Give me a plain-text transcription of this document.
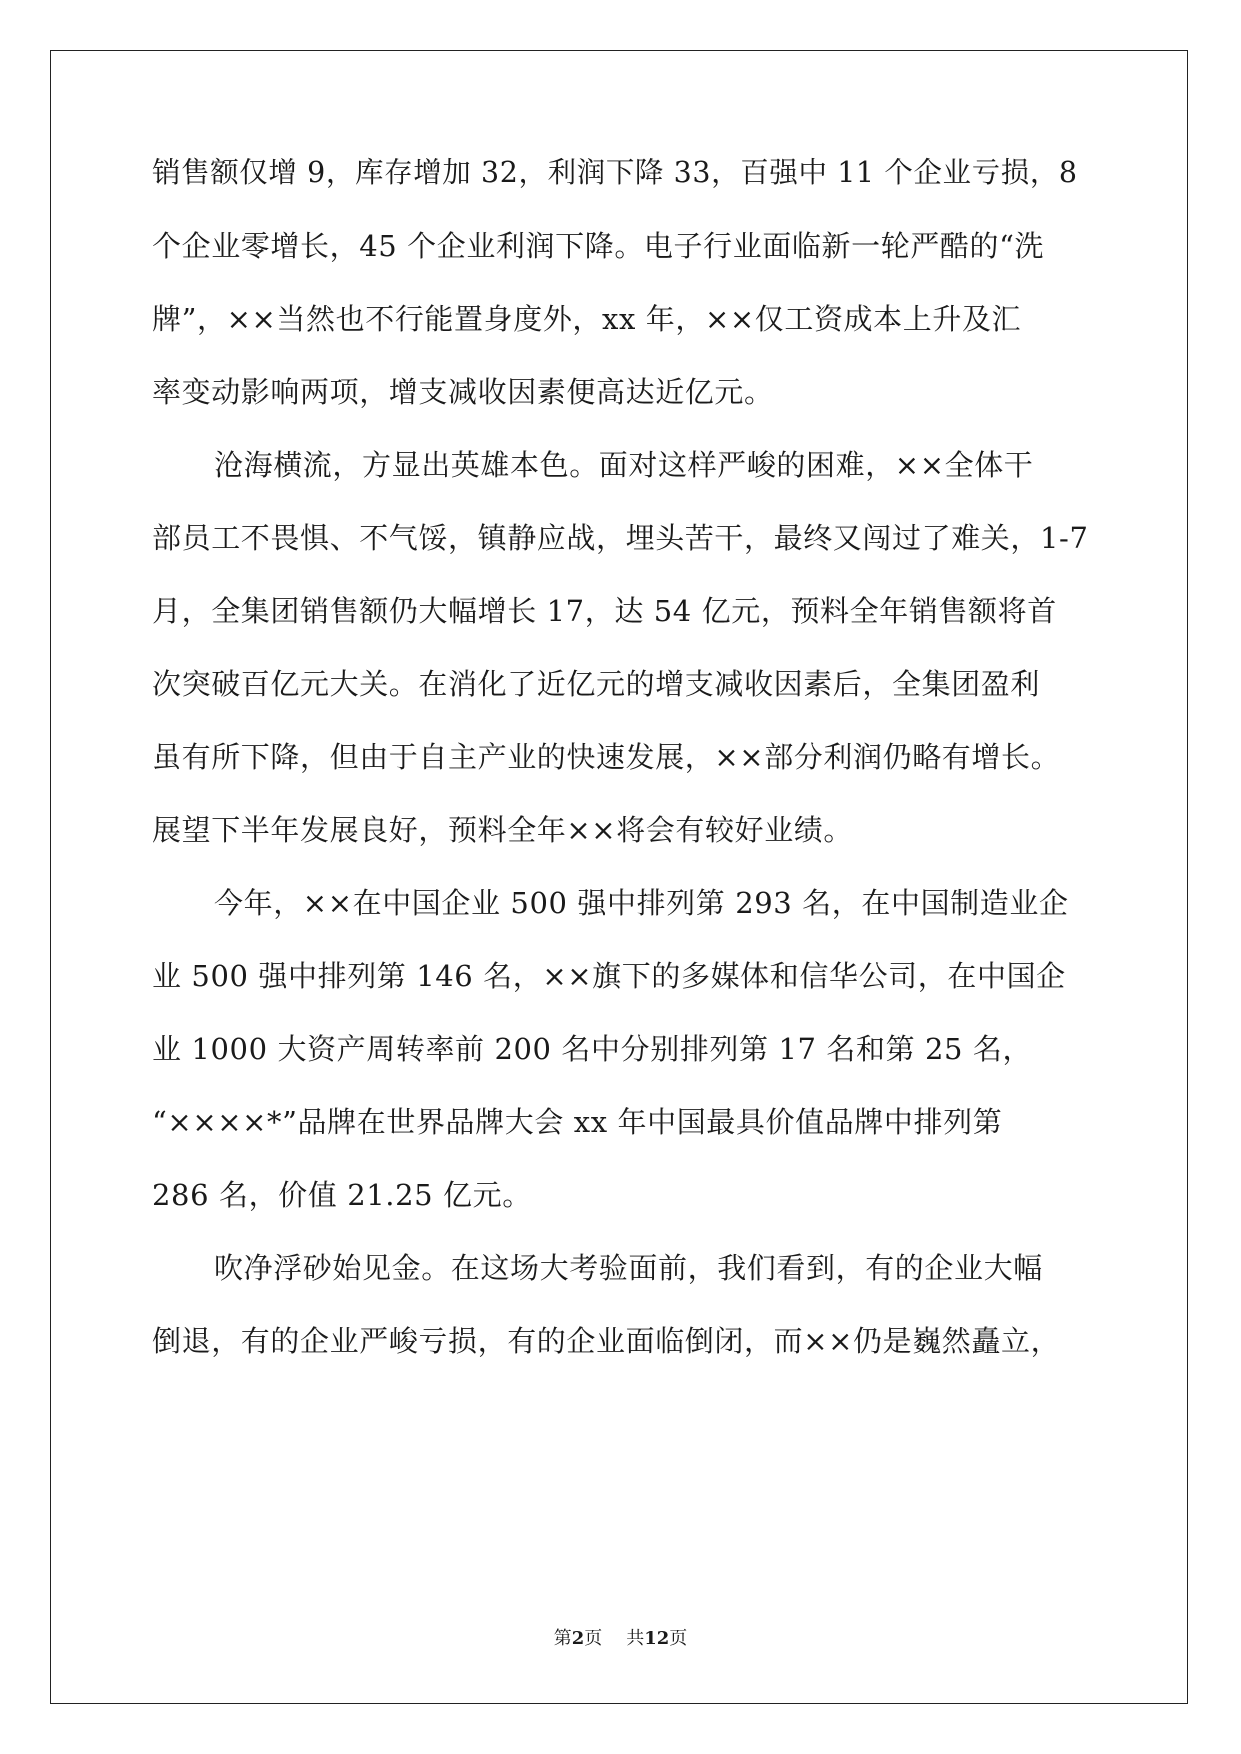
销售额仅增 9，库存增加 32，利润下降 33，百强中 11 个企业亏损，8
个企业零增长，45 个企业利润下降。电子行业面临新一轮严酷的“洗
牌”，××当然也不行能置身度外，xx 年，××仅工资成本上升及汇
率变动影响两项，增支减收因素便高达近亿元。
沧海横流，方显出英雄本色。面对这样严峻的困难，××全体干
部员工不畏惧、不气馁，镇静应战，埋头苦干，最终又闯过了难关，1-7
月，全集团销售额仍大幅增长 17，达 54 亿元，预料全年销售额将首
次突破百亿元大关。在消化了近亿元的增支减收因素后，全集团盈利
虽有所下降，但由于自主产业的快速发展，××部分利润仍略有增长。
展望下半年发展良好，预料全年××将会有较好业绩。
今年，××在中国企业 500 强中排列第 293 名，在中国制造业企
业 500 强中排列第 146 名，××旗下的多媒体和信华公司，在中国企
业 1000 大资产周转率前 200 名中分别排列第 17 名和第 25 名，
“××××*”品牌在世界品牌大会 xx 年中国最具价值品牌中排列第
286 名，价值 21.25 亿元。
吹净浮砂始见金。在这场大考验面前，我们看到，有的企业大幅
倒退，有的企业严峻亏损，有的企业面临倒闭，而××仍是巍然矗立，
第2页 共12页
